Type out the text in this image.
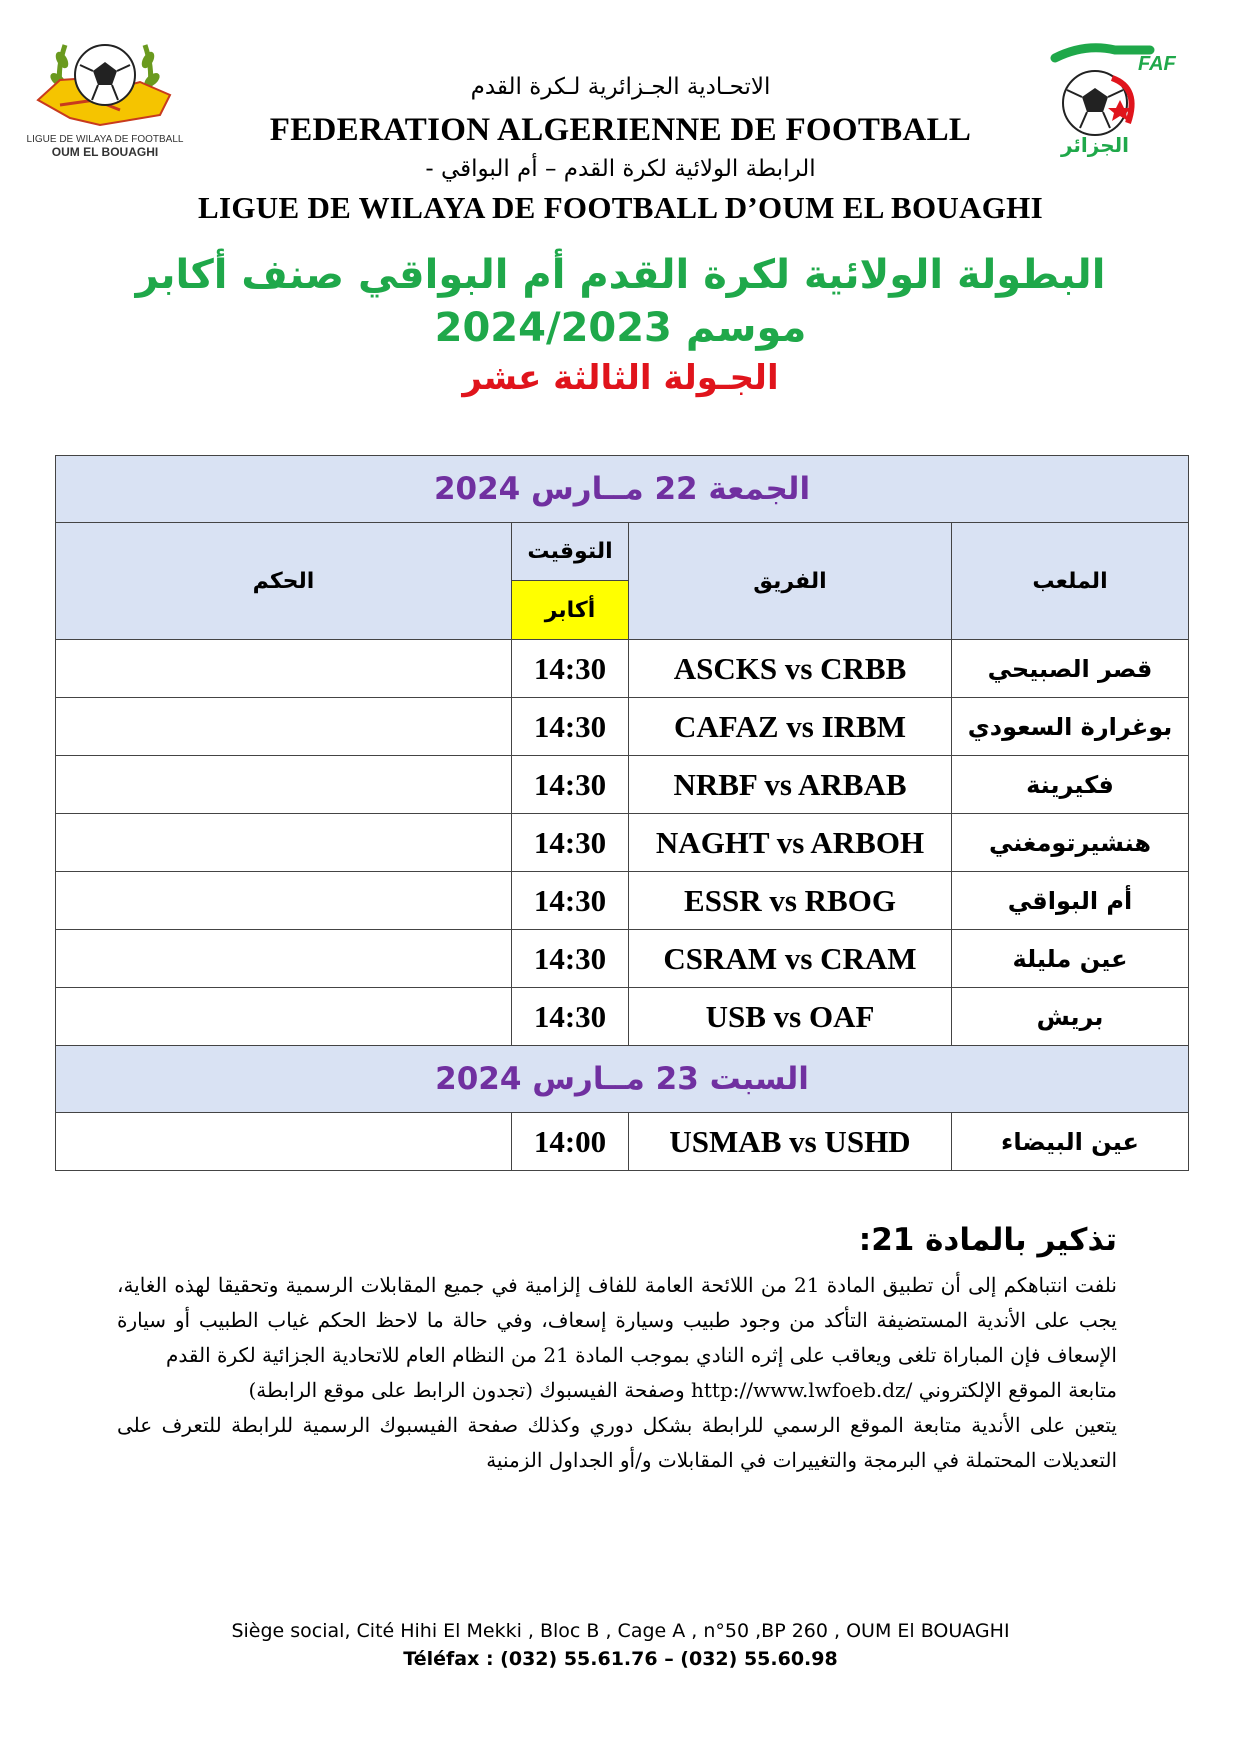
LIGUE DE WILAYA DE FOOTBALL
OUM EL BOUAGHI
FAF
الجزائر
الاتحـادية الجـزائرية لـكرة القدم
FEDERATION ALGERIENNE DE FOOTBALL
الرابطة الولائية لكرة القدم – أم البواقي -
LIGUE DE WILAYA DE FOOTBALL D’OUM EL BOUAGHI
البطولة الولائية لكرة القدم أم البواقي صنف أكابر
موسم 2024/2023
الجـولة الثالثة عشر
الجمعة 22 مــارس 2024			
الحكم	التوقيت	الفريق	الملعب
	أكابر		
	14:30	ASCKS vs CRBB	قصر الصبيحي
	14:30	CAFAZ vs IRBM	بوغرارة السعودي
	14:30	NRBF vs ARBAB	فكيرينة
	14:30	NAGHT vs ARBOH	هنشيرتومغني
	14:30	ESSR vs RBOG	أم البواقي
	14:30	CSRAM vs CRAM	عين مليلة
	14:30	USB vs OAF	بريش
السبت 23 مــارس 2024			
	14:00	USMAB vs USHD	عين البيضاء
تذكير بالمادة 21:

نلفت انتباهكم إلى أن تطبيق المادة 21 من اللائحة العامة للفاف إلزامية في جميع المقابلات الرسمية وتحقيقا لهذه الغاية، يجب على الأندية المستضيفة التأكد من وجود طبيب وسيارة إسعاف، وفي حالة ما لاحظ الحكم غياب الطبيب أو سيارة الإسعاف فإن المباراة تلغى ويعاقب على إثره النادي بموجب المادة 21 من النظام العام للاتحادية الجزائية لكرة القدم

متابعة الموقع الإلكتروني /http://www.lwfoeb.dz وصفحة الفيسبوك (تجدون الرابط على موقع الرابطة)

يتعين على الأندية متابعة الموقع الرسمي للرابطة بشكل دوري وكذلك صفحة الفيسبوك الرسمية للرابطة للتعرف على التعديلات المحتملة في البرمجة والتغييرات في المقابلات و/أو الجداول الزمنية

Siège social, Cité Hihi El Mekki , Bloc B , Cage A , n°50 ,BP 260 , OUM El BOUAGHI
Téléfax : (032) 55.61.76 – (032) 55.60.98
